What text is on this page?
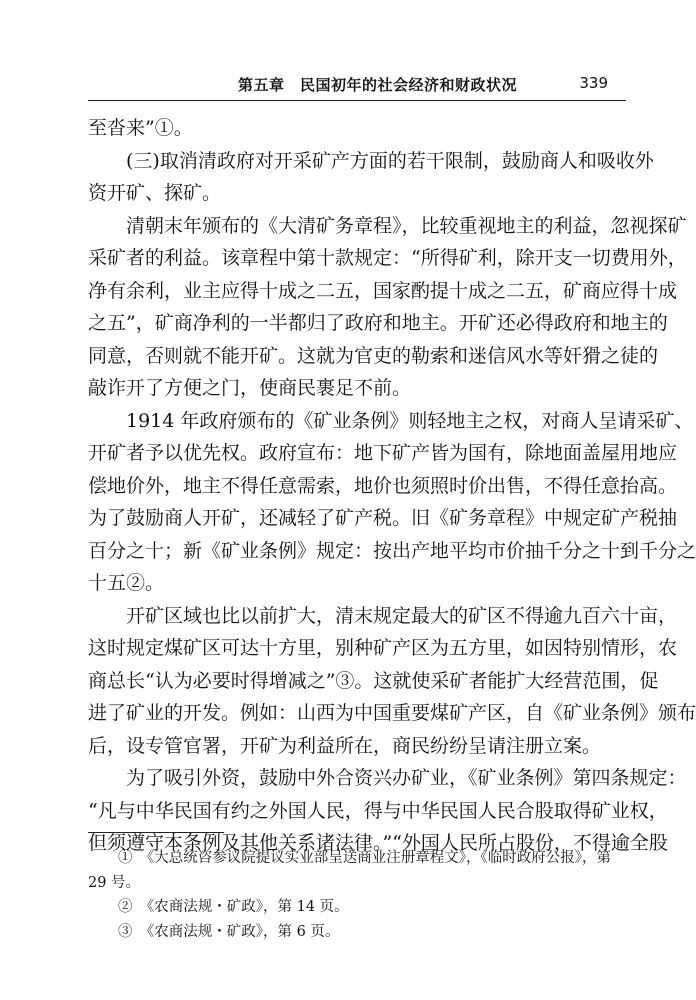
第五章　民国初年的社会经济和财政状况	339
至沓来”①。
(三)取消清政府对开采矿产方面的若干限制，鼓励商人和吸收外
资开矿、探矿。
清朝末年颁布的《大清矿务章程》，比较重视地主的利益，忽视探矿
采矿者的利益。该章程中第十款规定：“所得矿利，除开支一切费用外，
净有余利，业主应得十成之二五，国家酌提十成之二五，矿商应得十成
之五”，矿商净利的一半都归了政府和地主。开矿还必得政府和地主的
同意，否则就不能开矿。这就为官吏的勒索和迷信风水等奸猾之徒的
敲诈开了方便之门，使商民裹足不前。
1914 年政府颁布的《矿业条例》则轻地主之权，对商人呈请采矿、
开矿者予以优先权。政府宣布：地下矿产皆为国有，除地面盖屋用地应
偿地价外，地主不得任意需索，地价也须照时价出售，不得任意抬高。
为了鼓励商人开矿，还减轻了矿产税。旧《矿务章程》中规定矿产税抽
百分之十；新《矿业条例》规定：按出产地平均市价抽千分之十到千分之
十五②。
开矿区域也比以前扩大，清末规定最大的矿区不得逾九百六十亩，
这时规定煤矿区可达十方里，别种矿产区为五方里，如因特别情形，农
商总长“认为必要时得增减之”③。这就使采矿者能扩大经营范围，促
进了矿业的开发。例如：山西为中国重要煤矿产区，自《矿业条例》颁布
后，设专管官署，开矿为利益所在，商民纷纷呈请注册立案。
为了吸引外资，鼓励中外合资兴办矿业，《矿业条例》第四条规定：
“凡与中华民国有约之外国人民，得与中华民国人民合股取得矿业权，
但须遵守本条例及其他关系诸法律。”“外国人民所占股份，不得逾全股
①　《大总统咨参议院提议实业部呈送商业注册章程文》，《临时政府公报》，第
29 号。
②　《农商法规・矿政》，第 14 页。
③　《农商法规・矿政》，第 6 页。
